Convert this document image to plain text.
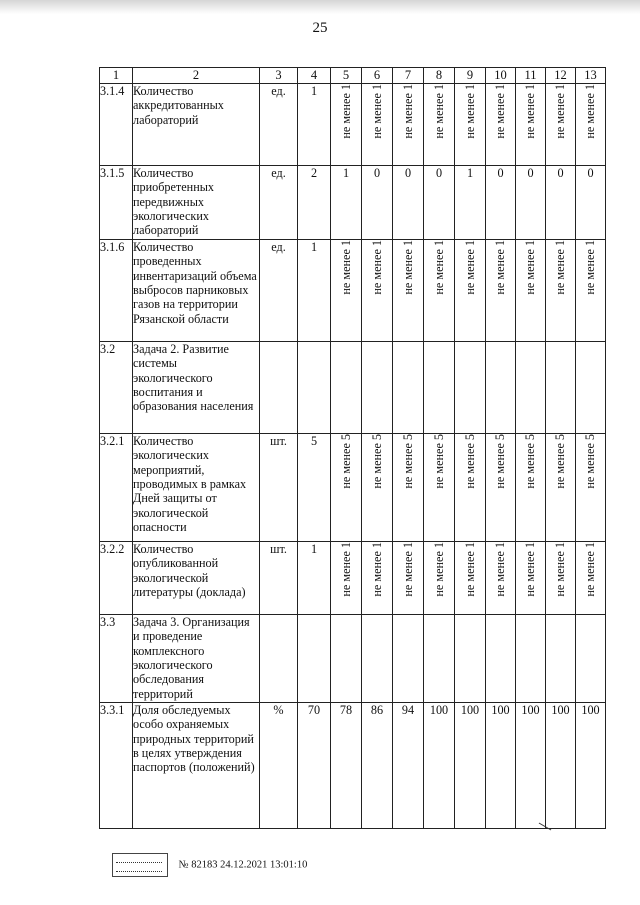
25
1	2	3	4	5	6	7	8	9	10	11	12	13
3.1.4	Количество аккредитованных лабораторий	ед.	1	не менее 1	не менее 1	не менее 1	не менее 1	не менее 1	не менее 1	не менее 1	не менее 1	не менее 1
3.1.5	Количество приобретенных передвижных экологических лабораторий	ед.	2	1	0	0	0	1	0	0	0	0
3.1.6	Количество проведенных инвентаризаций объема выбросов парниковых газов на территории Рязанской области	ед.	1	не менее 1	не менее 1	не менее 1	не менее 1	не менее 1	не менее 1	не менее 1	не менее 1	не менее 1
3.2	Задача 2. Развитие системы экологического воспитания и образования населения											
3.2.1	Количество экологических мероприятий, проводимых в рамках Дней защиты от экологической опасности	шт.	5	не менее 5	не менее 5	не менее 5	не менее 5	не менее 5	не менее 5	не менее 5	не менее 5	не менее 5
3.2.2	Количество опубликованной экологической литературы (доклада)	шт.	1	не менее 1	не менее 1	не менее 1	не менее 1	не менее 1	не менее 1	не менее 1	не менее 1	не менее 1
3.3	Задача 3. Организация и проведение комплексного экологического обследования территорий											
3.3.1	Доля обследуемых особо охраняемых природных территорий в целях утверждения паспортов (положений)	%	70	78	86	94	100	100	100	100	100	100
№ 82183 24.12.2021 13:01:10
